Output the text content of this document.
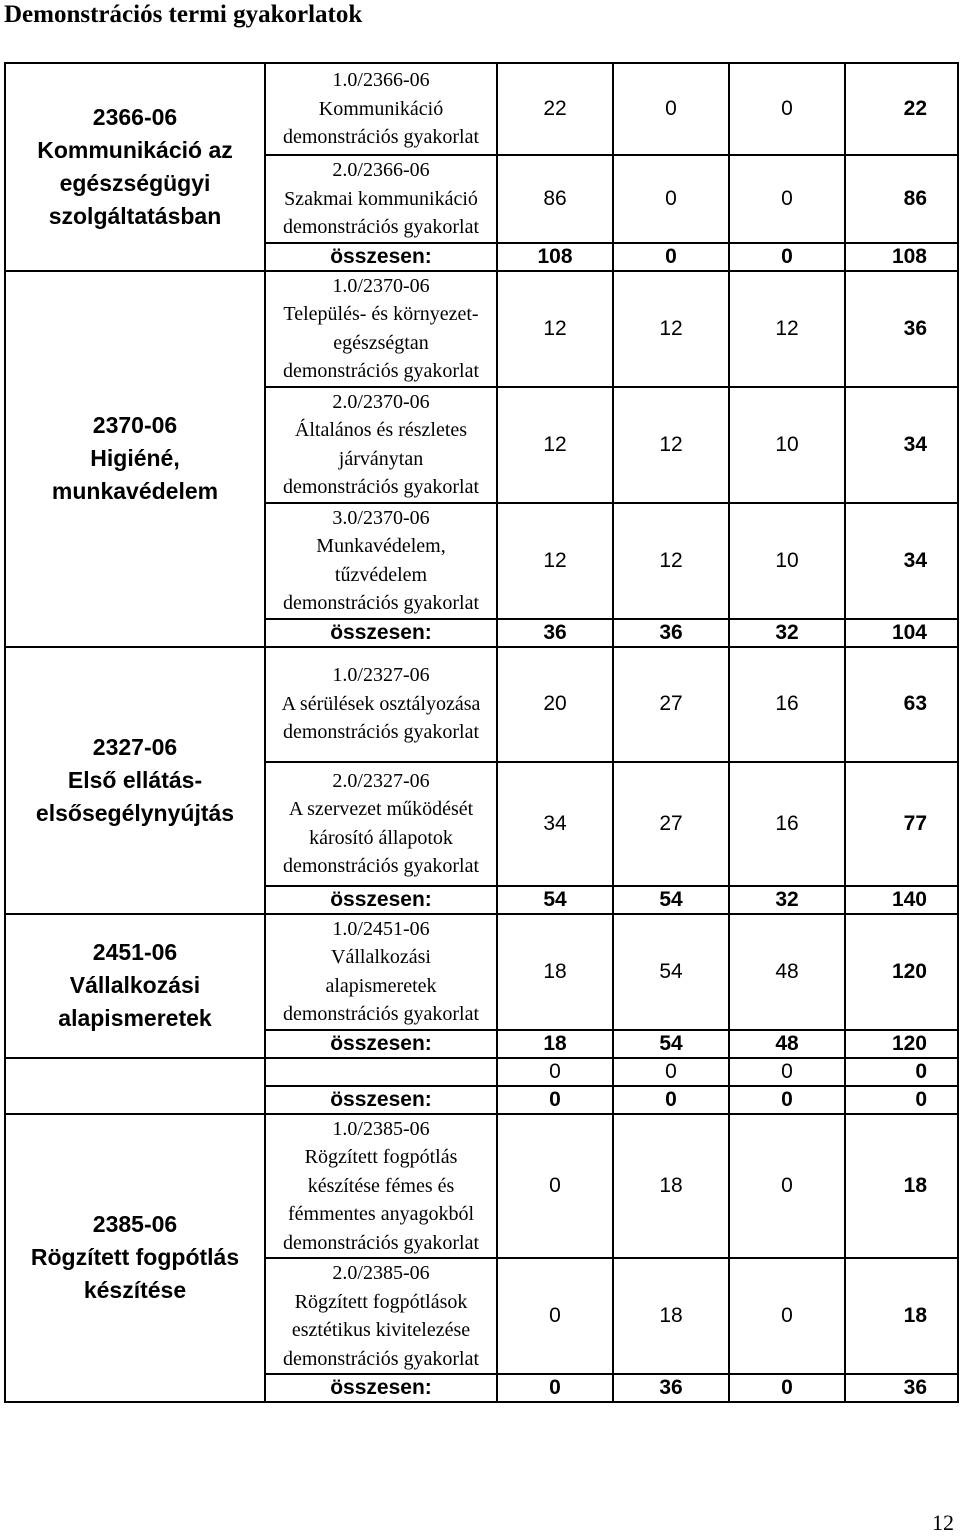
Demonstrációs termi gyakorlatok
2366-06
Kommunikáció az
egészségügyi
szolgáltatásban	1.0/2366-06
Kommunikáció
demonstrációs gyakorlat	22	0	0	22

	2.0/2366-06
Szakmai kommunikáció
demonstrációs gyakorlat	86	0	0	86
	összesen:	108	0	0	108

2370-06
Higiéné,
munkavédelem	1.0/2370-06
Település- és környezet-
egészségtan
demonstrációs gyakorlat	12	12	12	36

	2.0/2370-06
Általános és részletes
járványtan
demonstrációs gyakorlat	12	12	10	34

	3.0/2370-06
Munkavédelem,
tűzvédelem
demonstrációs gyakorlat	12	12	10	34
	összesen:	36	36	32	104

2327-06
Első ellátás-
elsősegélynyújtás	1.0/2327-06
A sérülések osztályozása
demonstrációs gyakorlat	20	27	16	63

	2.0/2327-06
A szervezet működését
károsító állapotok
demonstrációs gyakorlat	34	27	16	77
	összesen:	54	54	32	140

2451-06
Vállalkozási
alapismeretek	1.0/2451-06
Vállalkozási
alapismeretek
demonstrációs gyakorlat	18	54	48	120
	összesen:	18	54	48	120
		0	0	0	0
	összesen:	0	0	0	0

2385-06
Rögzített fogpótlás
készítése	1.0/2385-06
Rögzített fogpótlás
készítése fémes és
fémmentes anyagokból
demonstrációs gyakorlat	0	18	0	18

	2.0/2385-06
Rögzített fogpótlások
esztétikus kivitelezése
demonstrációs gyakorlat	0	18	0	18
	összesen:	0	36	0	36
12
